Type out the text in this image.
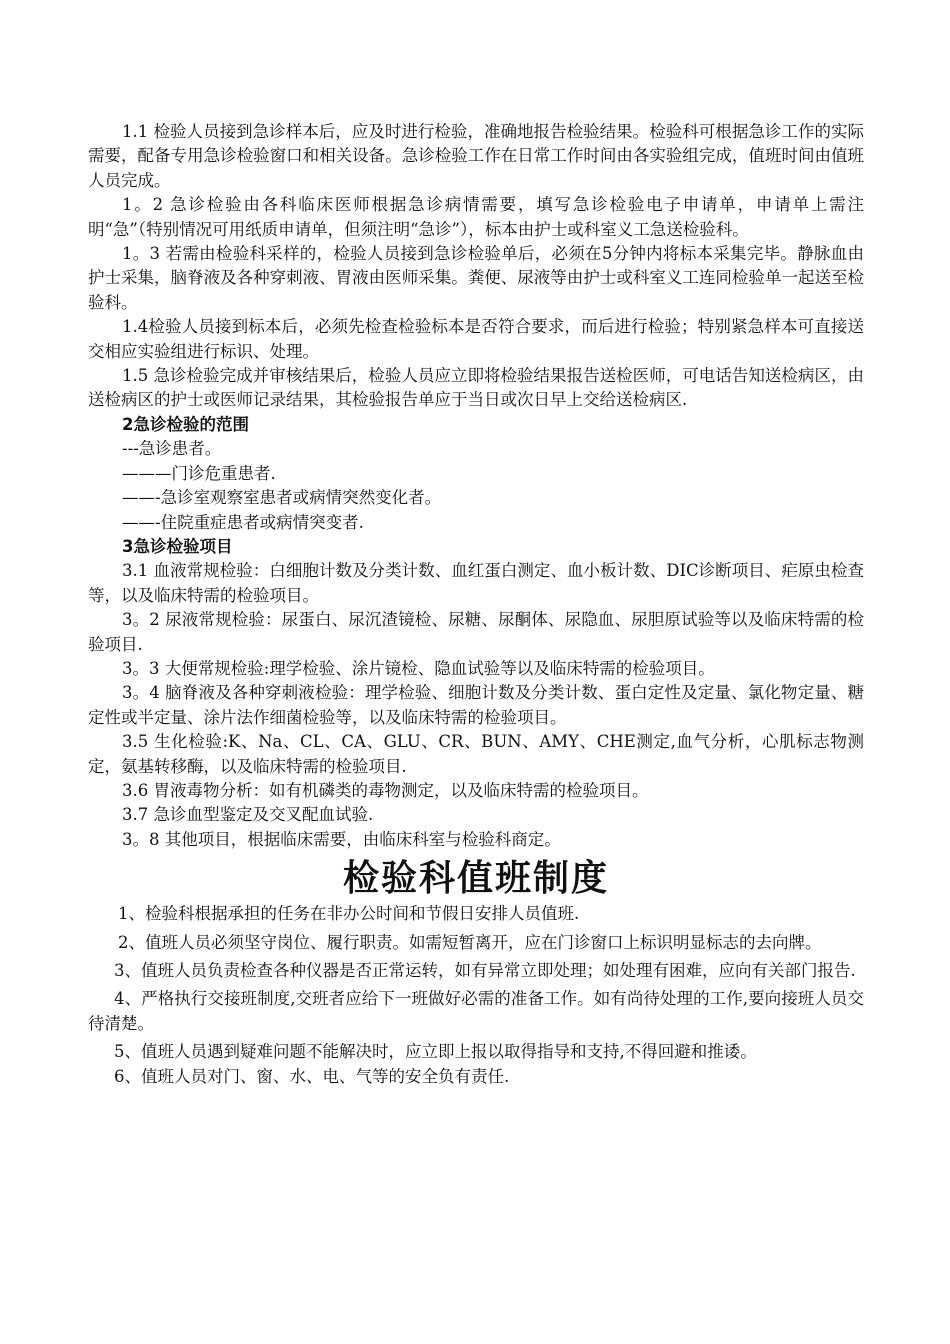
1.1 检验人员接到急诊样本后，应及时进行检验，准确地报告检验结果。检验科可根据急诊工作的实际需要，配备专用急诊检验窗口和相关设备。急诊检验工作在日常工作时间由各实验组完成，值班时间由值班人员完成。

1。2 急诊检验由各科临床医师根据急诊病情需要，填写急诊检验电子申请单，申请单上需注明“急”（特别情况可用纸质申请单，但须注明“急诊”），标本由护士或科室义工急送检验科。

1。3 若需由检验科采样的，检验人员接到急诊检验单后，必须在5分钟内将标本采集完毕。静脉血由护士采集，脑脊液及各种穿刺液、胃液由医师采集。粪便、尿液等由护士或科室义工连同检验单一起送至检验科。

1.4检验人员接到标本后，必须先检查检验标本是否符合要求，而后进行检验；特别紧急样本可直接送交相应实验组进行标识、处理。

1.5 急诊检验完成并审核结果后，检验人员应立即将检验结果报告送检医师，可电话告知送检病区，由送检病区的护士或医师记录结果，其检验报告单应于当日或次日早上交给送检病区.

2急诊检验的范围

---急诊患者。

———门诊危重患者.

——-急诊室观察室患者或病情突然变化者。

——-住院重症患者或病情突变者.

3急诊检验项目

3.1 血液常规检验：白细胞计数及分类计数、血红蛋白测定、血小板计数、DIC诊断项目、疟原虫检查等，以及临床特需的检验项目。

3。2 尿液常规检验：尿蛋白、尿沉渣镜检、尿糖、尿酮体、尿隐血、尿胆原试验等以及临床特需的检验项目.

3。3 大便常规检验:理学检验、涂片镜检、隐血试验等以及临床特需的检验项目。

3。4 脑脊液及各种穿刺液检验：理学检验、细胞计数及分类计数、蛋白定性及定量、氯化物定量、糖定性或半定量、涂片法作细菌检验等，以及临床特需的检验项目。

3.5 生化检验:K、Na、CL、CA、GLU、CR、BUN、AMY、CHE测定,血气分析，心肌标志物测定，氨基转移酶，以及临床特需的检验项目.

3.6 胃液毒物分析：如有机磷类的毒物测定，以及临床特需的检验项目。

3.7 急诊血型鉴定及交叉配血试验.

3。8 其他项目，根据临床需要，由临床科室与检验科商定。

检验科值班制度

1、检验科根据承担的任务在非办公时间和节假日安排人员值班.

2、值班人员必须坚守岗位、履行职责。如需短暂离开，应在门诊窗口上标识明显标志的去向牌。

3、值班人员负责检查各种仪器是否正常运转，如有异常立即处理；如处理有困难，应向有关部门报告.

4、严格执行交接班制度,交班者应给下一班做好必需的准备工作。如有尚待处理的工作,要向接班人员交待清楚。

5、值班人员遇到疑难问题不能解决时，应立即上报以取得指导和支持,不得回避和推诿。

6、值班人员对门、窗、水、电、气等的安全负有责任.
